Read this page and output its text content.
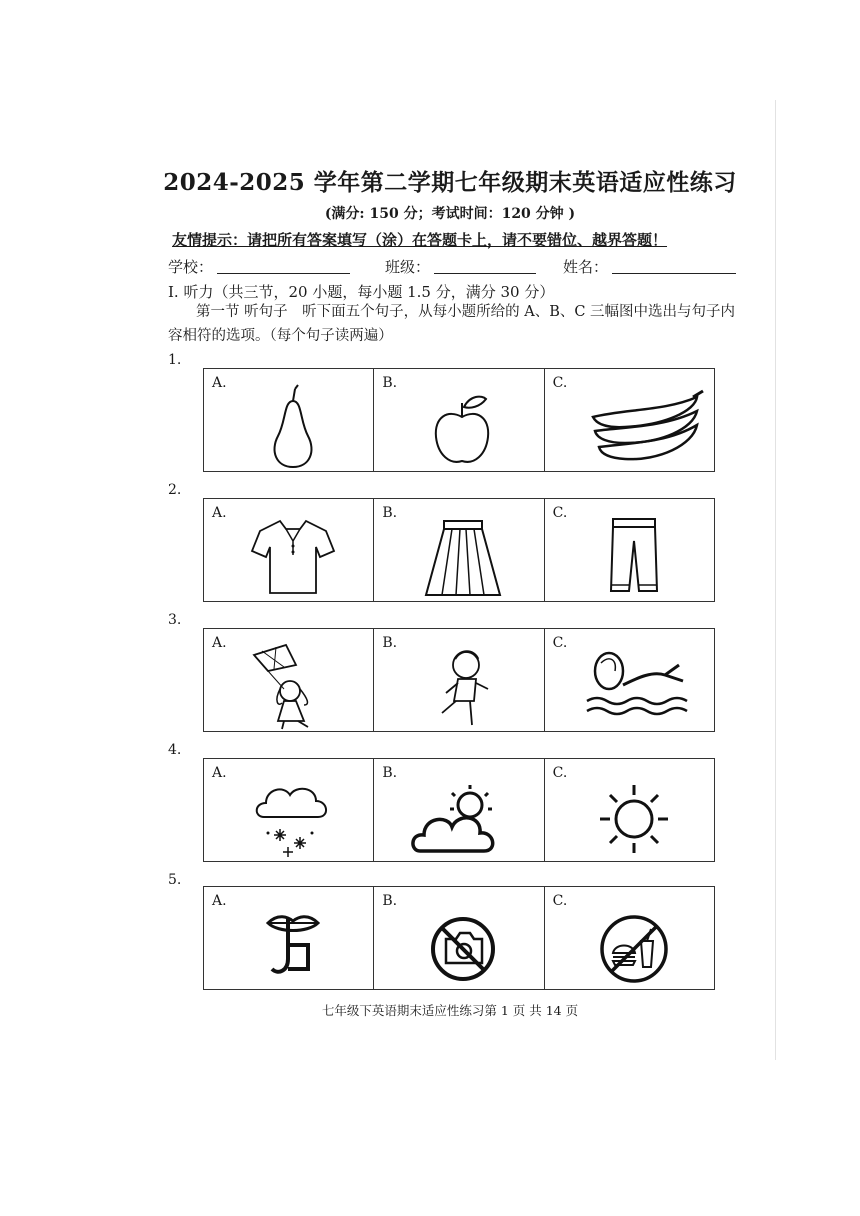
2024-2025 学年第二学期七年级期末英语适应性练习
(满分: 150 分；考试时间：120 分钟 )
友情提示：请把所有答案填写（涂）在答题卡上，请不要错位、越界答题！
学校：	班级：	姓名：
I. 听力（共三节，20 小题，每小题 1.5 分，满分 30 分）
第一节 听句子　听下面五个句子，从每小题所给的 A、B、C 三幅图中选出与句子内容相符的选项。（每个句子读两遍）
1.
A.	B.	C.
2.
A.	B.	C.
3.
A.	B.	C.
4.
A.	B.	C.
5.
A.	B.	C.
七年级下英语期末适应性练习第 1 页 共 14 页
